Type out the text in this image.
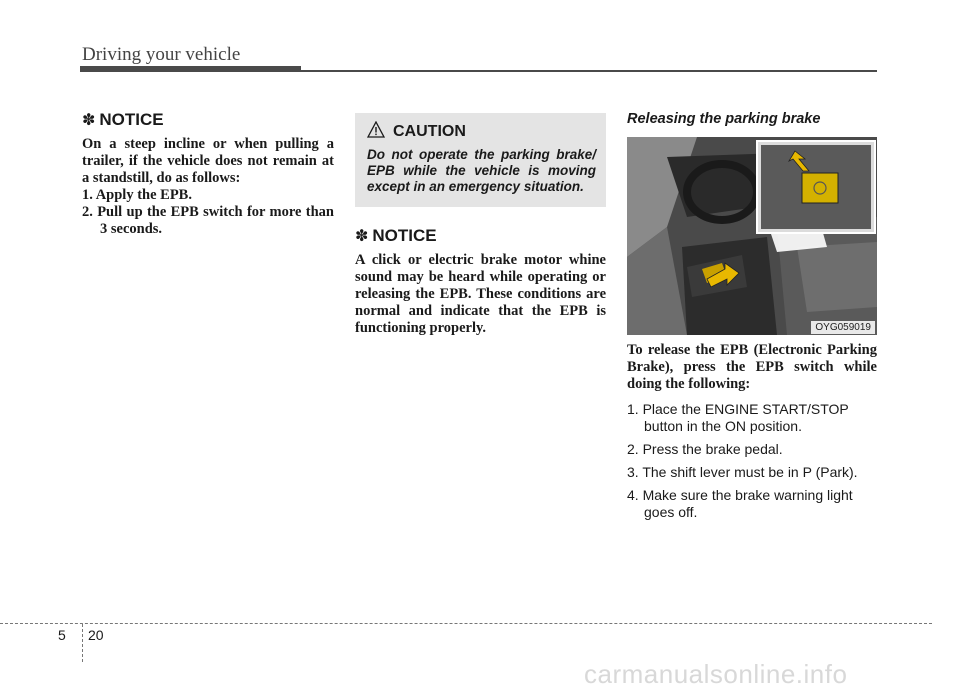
Driving your vehicle
✽ NOTICE
On a steep incline or when pulling a trailer, if the vehicle does not remain at a standstill, do as follows:
1. Apply the EPB.
2. Pull up the EPB switch for more than 3 seconds.
CAUTION
Do not operate the parking brake/ EPB while the vehicle is moving except in an emergency situation.
✽ NOTICE
A click or electric brake motor whine sound may be heard while operating or releasing the EPB. These conditions are normal and indicate that the EPB is functioning properly.
Releasing the parking brake
OYG059019
To release the EPB (Electronic Parking Brake), press the EPB switch while doing the following:
1. Place the ENGINE START/STOP button in the ON position.
2. Press the brake pedal.
3. The shift lever must be in P (Park).
4. Make sure the brake warning light goes off.
5 20
carmanualsonline.info
